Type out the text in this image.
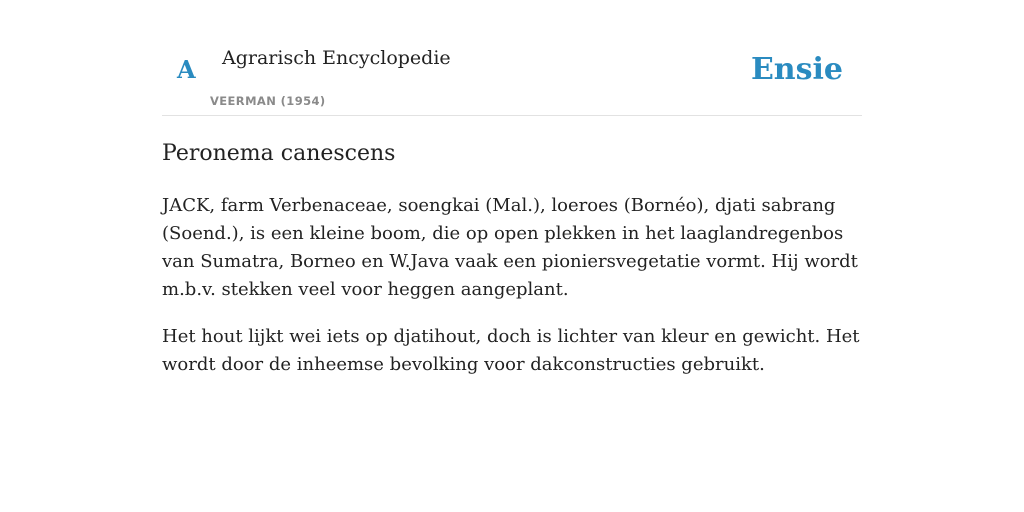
A Agrarisch Encyclopedie
VEERMAN (1954)
Ensie
Peronema canescens

JACK, farm Verbenaceae, soengkai (Mal.), loeroes (Bornéo), djati sabrang (Soend.), is een kleine boom, die op open plekken in het laaglandregenbos van Sumatra, Borneo en W.Java vaak een pioniersvegetatie vormt. Hij wordt m.b.v. stekken veel voor heggen aangeplant.

Het hout lijkt wei iets op djatihout, doch is lichter van kleur en gewicht. Het wordt door de inheemse bevolking voor dakconstructies gebruikt.
